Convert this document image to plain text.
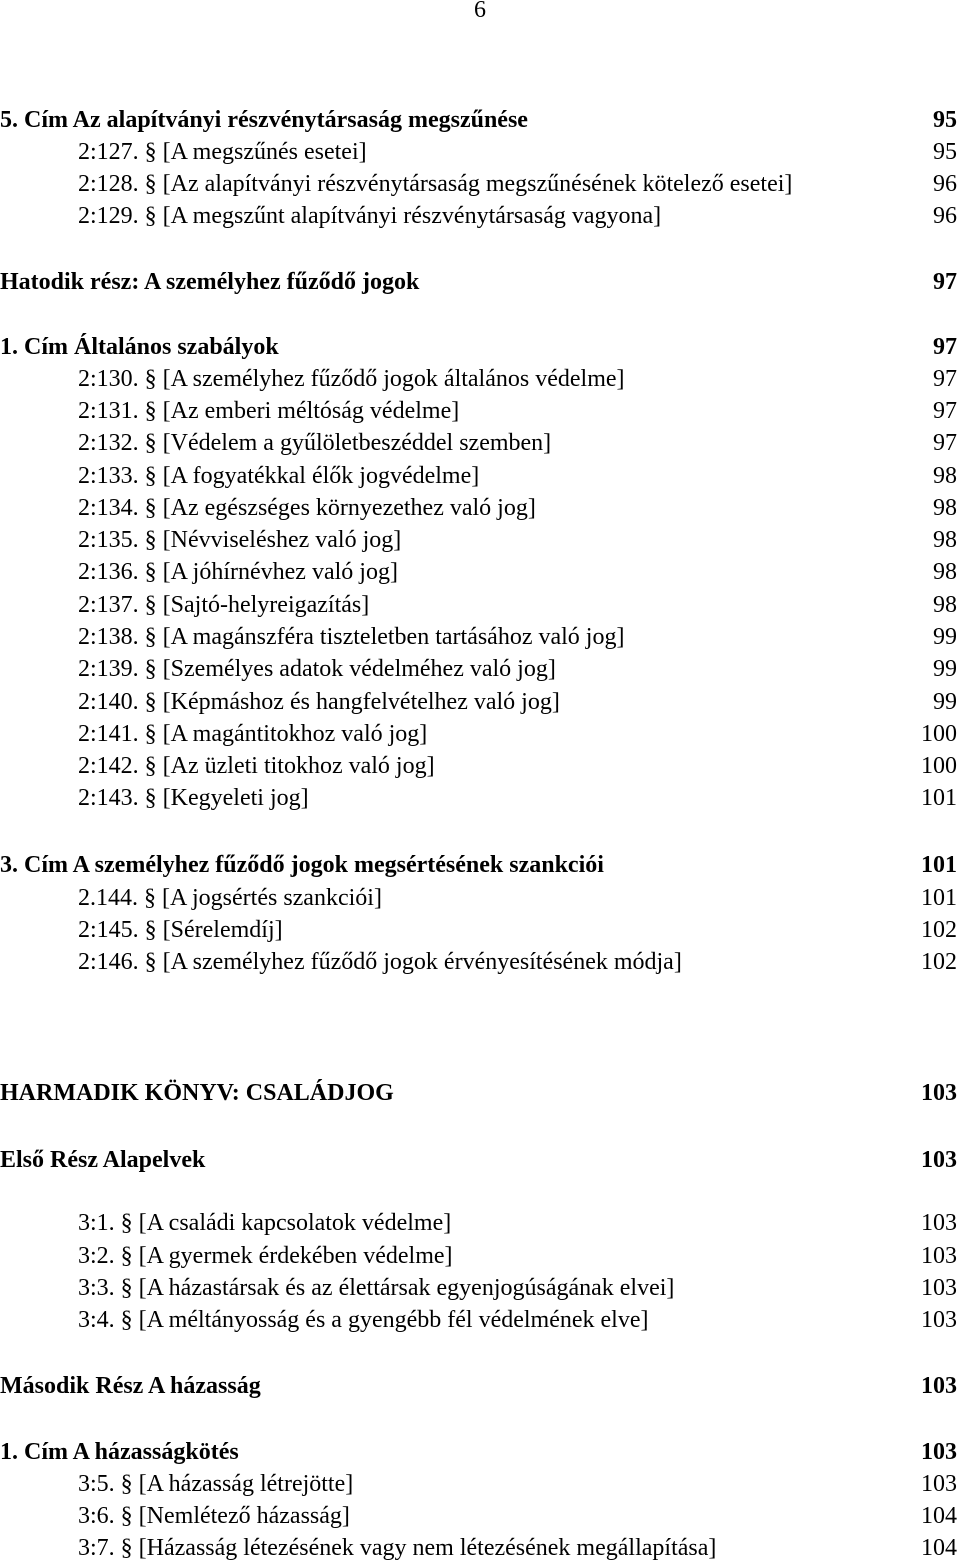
6
5. Cím Az alapítványi részvénytársaság megszűnése	95
2:127. § [A megszűnés esetei]	95
2:128. § [Az alapítványi részvénytársaság megszűnésének kötelező esetei]	96
2:129. § [A megszűnt alapítványi részvénytársaság vagyona]	96
Hatodik rész: A személyhez fűződő jogok	97
1. Cím Általános szabályok	97
2:130. § [A személyhez fűződő jogok általános védelme]	97
2:131. § [Az emberi méltóság védelme]	97
2:132. § [Védelem a gyűlöletbeszéddel szemben]	97
2:133. § [A fogyatékkal élők jogvédelme]	98
2:134. § [Az egészséges környezethez való jog]	98
2:135. § [Névviseléshez való jog]	98
2:136. § [A jóhírnévhez való jog]	98
2:137. § [Sajtó-helyreigazítás]	98
2:138. § [A magánszféra tiszteletben tartásához való jog]	99
2:139. § [Személyes adatok védelméhez való jog]	99
2:140. § [Képmáshoz és hangfelvételhez való jog]	99
2:141. § [A magántitokhoz való jog]	100
2:142. § [Az üzleti titokhoz való jog]	100
2:143. § [Kegyeleti jog]	101
3. Cím A személyhez fűződő jogok megsértésének szankciói	101
2.144. § [A jogsértés szankciói]	101
2:145. § [Sérelemdíj]	102
2:146. § [A személyhez fűződő jogok érvényesítésének módja]	102
HARMADIK KÖNYV: CSALÁDJOG	103
Első Rész Alapelvek	103
3:1. § [A családi kapcsolatok védelme]	103
3:2. § [A gyermek érdekében védelme]	103
3:3. § [A házastársak és az élettársak egyenjogúságának elvei]	103
3:4. § [A méltányosság és a gyengébb fél védelmének elve]	103
Második Rész A házasság	103
1. Cím A házasságkötés	103
3:5. § [A házasság létrejötte]	103
3:6. § [Nemlétező házasság]	104
3:7. § [Házasság létezésének vagy nem létezésének megállapítása]	104
